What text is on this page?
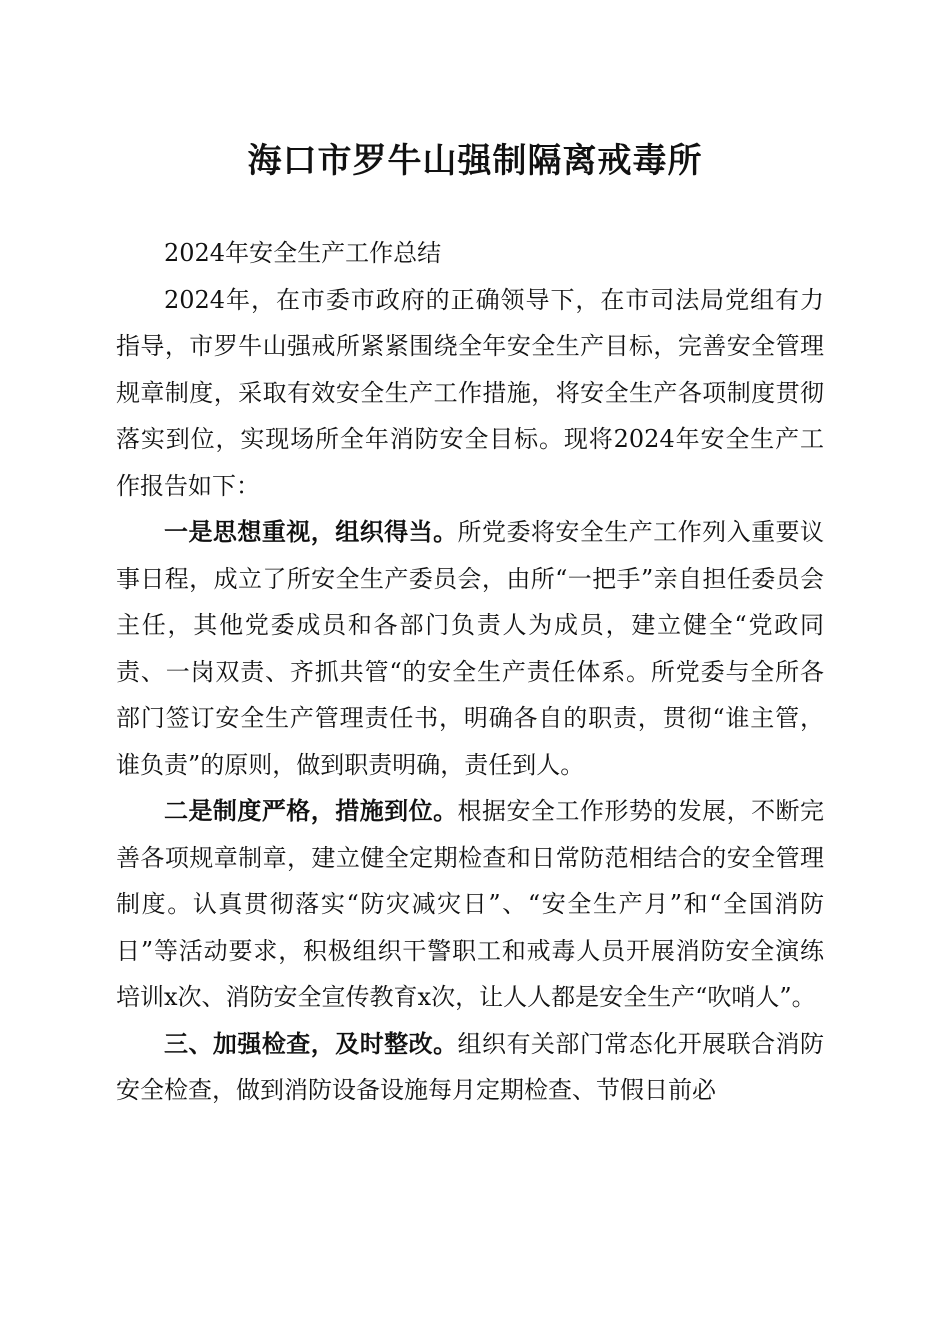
海口市罗牛山强制隔离戒毒所

2024年安全生产工作总结

2024年，在市委市政府的正确领导下，在市司法局党组有力指导，市罗牛山强戒所紧紧围绕全年安全生产目标，完善安全管理规章制度，采取有效安全生产工作措施，将安全生产各项制度贯彻落实到位，实现场所全年消防安全目标。现将2024年安全生产工作报告如下：

一是思想重视，组织得当。所党委将安全生产工作列入重要议事日程，成立了所安全生产委员会，由所“一把手”亲自担任委员会主任，其他党委成员和各部门负责人为成员，建立健全“党政同责、一岗双责、齐抓共管“的安全生产责任体系。所党委与全所各部门签订安全生产管理责任书，明确各自的职责，贯彻“谁主管，谁负责”的原则，做到职责明确，责任到人。

二是制度严格，措施到位。根据安全工作形势的发展，不断完善各项规章制章，建立健全定期检查和日常防范相结合的安全管理制度。认真贯彻落实“防灾减灾日”、“安全生产月”和“全国消防日”等活动要求，积极组织干警职工和戒毒人员开展消防安全演练培训x次、消防安全宣传教育x次，让人人都是安全生产“吹哨人”。

三、加强检查，及时整改。组织有关部门常态化开展联合消防安全检查，做到消防设备设施每月定期检查、节假日前必
